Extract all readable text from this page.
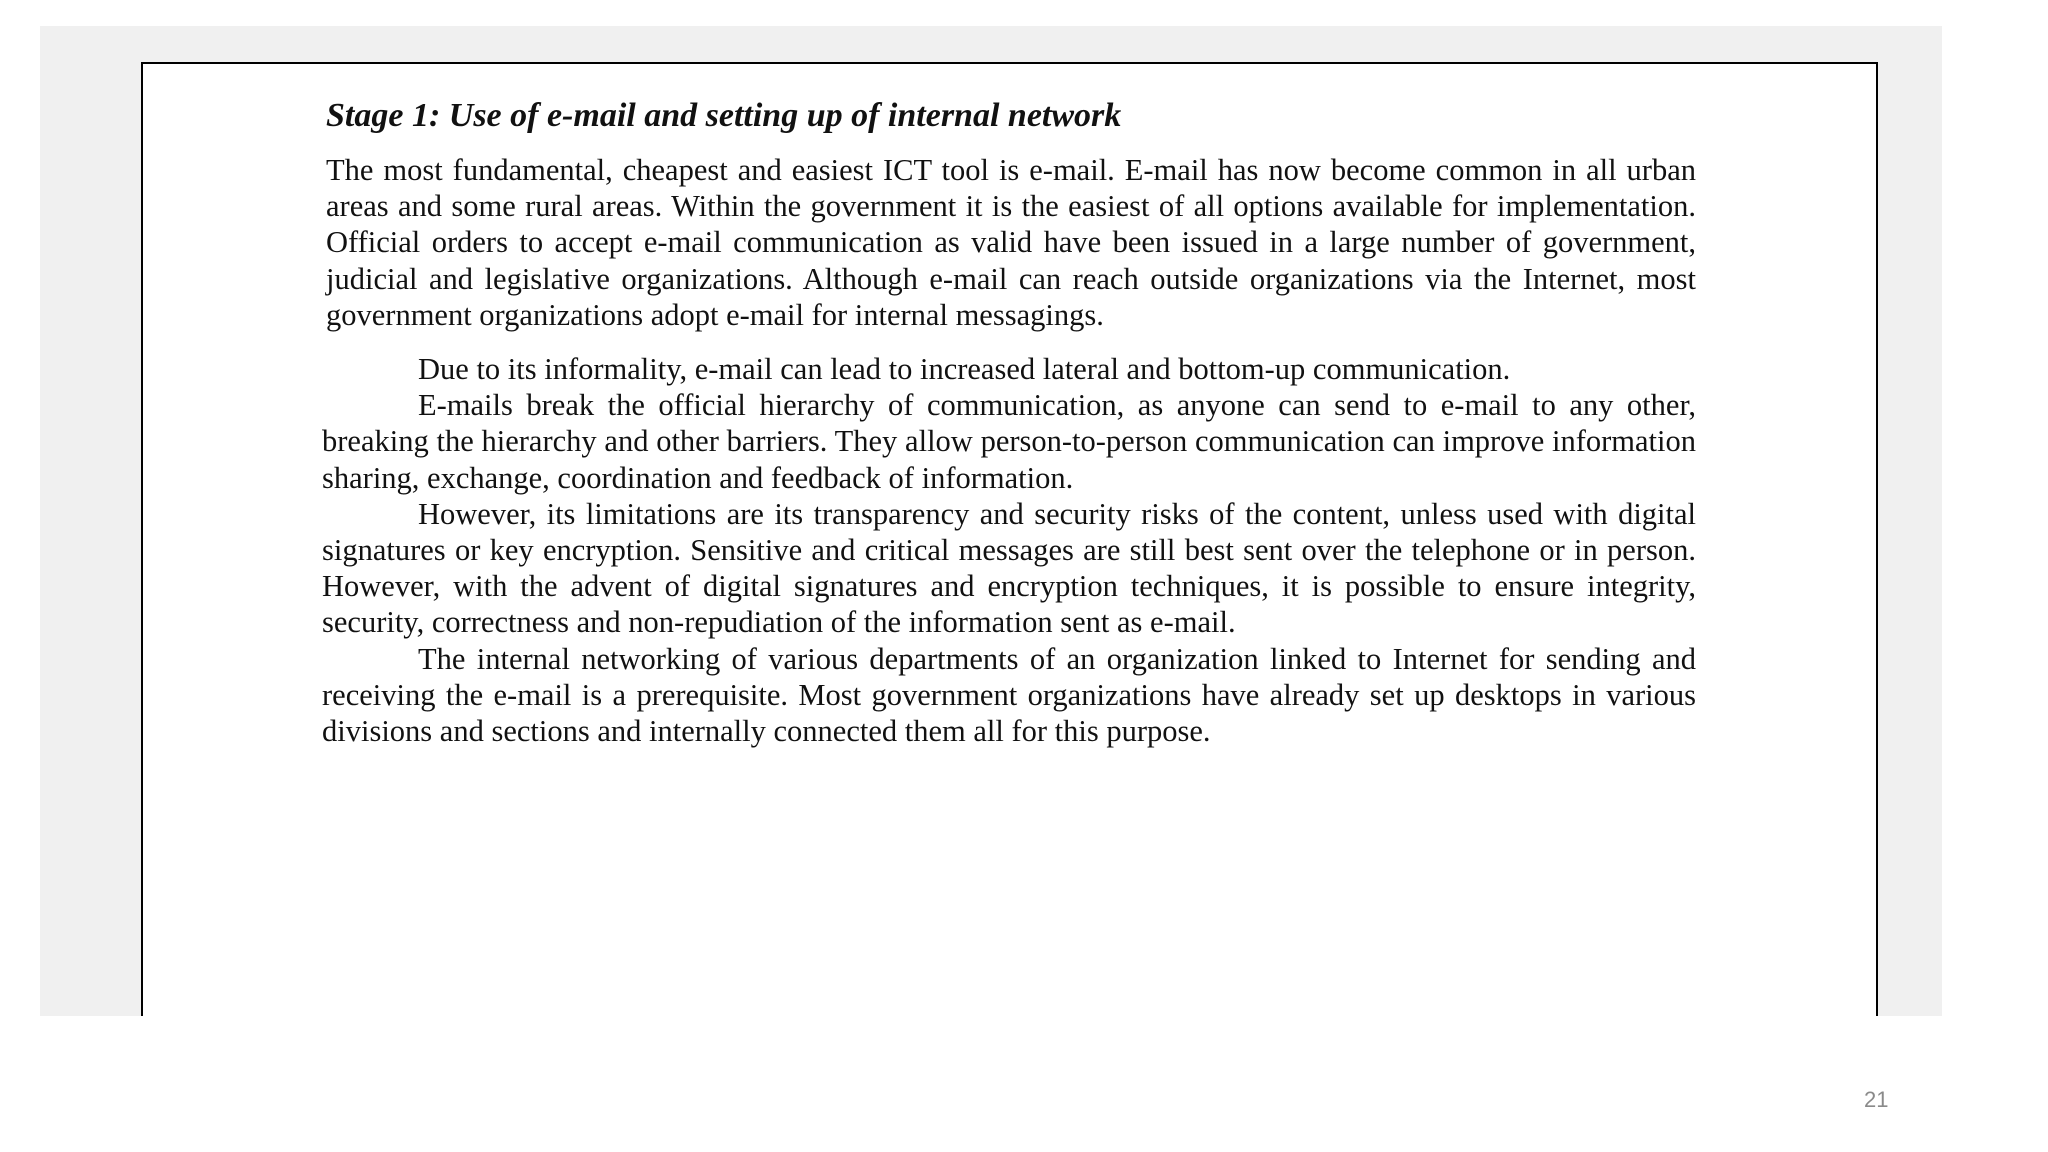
Stage 1: Use of e-mail and setting up of internal network

The most fundamental, cheapest and easiest ICT tool is e-mail. E-mail has now become common in all urban areas and some rural areas. Within the government it is the easiest of all options available for implementation. Official orders to accept e-mail communication as valid have been issued in a large number of government, judicial and legislative organizations. Although e-mail can reach outside organizations via the Internet, most government organizations adopt e-mail for internal messagings.

Due to its informality, e-mail can lead to increased lateral and bottom-up communication.

E-mails break the official hierarchy of communication, as anyone can send to e-mail to any other, breaking the hierarchy and other barriers. They allow person-to-person communication can improve information sharing, exchange, coordination and feedback of information.

However, its limitations are its transparency and security risks of the content, unless used with digital signatures or key encryption. Sensitive and critical messages are still best sent over the telephone or in person. However, with the advent of digital signatures and encryption techniques, it is possible to ensure integrity, security, correctness and non-repudiation of the information sent as e-mail.

The internal networking of various departments of an organization linked to Internet for sending and receiving the e-mail is a prerequisite. Most government organizations have already set up desktops in various divisions and sections and internally connected them all for this purpose.

21
